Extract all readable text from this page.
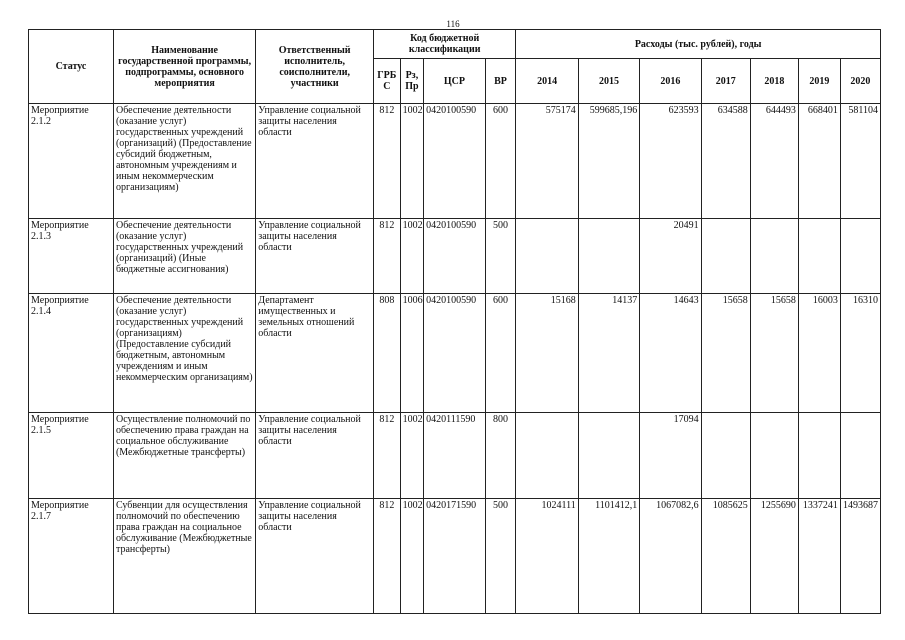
116
Статус	Наименование государственной программы, подпрограммы, основного мероприятия	Ответственный исполнитель, соисполнители, участники	Код бюджетной классификации				Расходы (тыс. рублей), годы						
			ГРБ С	Рз, Пр	ЦСР	ВР	2014	2015	2016	2017	2018	2019	2020
Мероприятие 2.1.2	Обеспечение деятельности (оказание услуг) государственных учреждений (организаций) (Предоставление субсидий бюджетным, автономным учреждениям и иным некоммерческим организациям)	Управление социальной защиты населения области	812	1002	0420100590	600	575174	599685,196	623593	634588	644493	668401	581104
Мероприятие 2.1.3	Обеспечение деятельности (оказание услуг) государственных учреждений (организаций) (Иные бюджетные ассигнования)	Управление социальной защиты населения области	812	1002	0420100590	500			20491				
Мероприятие 2.1.4	Обеспечение деятельности (оказание услуг) государственных учреждений (организациям) (Предоставление субсидий бюджетным, автономным учреждениям и иным некоммерческим организациям)	Департамент имущественных и земельных отношений области	808	1006	0420100590	600	15168	14137	14643	15658	15658	16003	16310
Мероприятие 2.1.5	Осуществление полномочий по обеспечению права граждан на социальное обслуживание (Межбюджетные трансферты)	Управление социальной защиты населения области	812	1002	0420111590	800			17094				
Мероприятие 2.1.7	Субвенции для осуществления полномочий по обеспечению права граждан на социальное обслуживание (Межбюджетные трансферты)	Управление социальной защиты населения области	812	1002	0420171590	500	1024111	1101412,1	1067082,6	1085625	1255690	1337241	1493687
